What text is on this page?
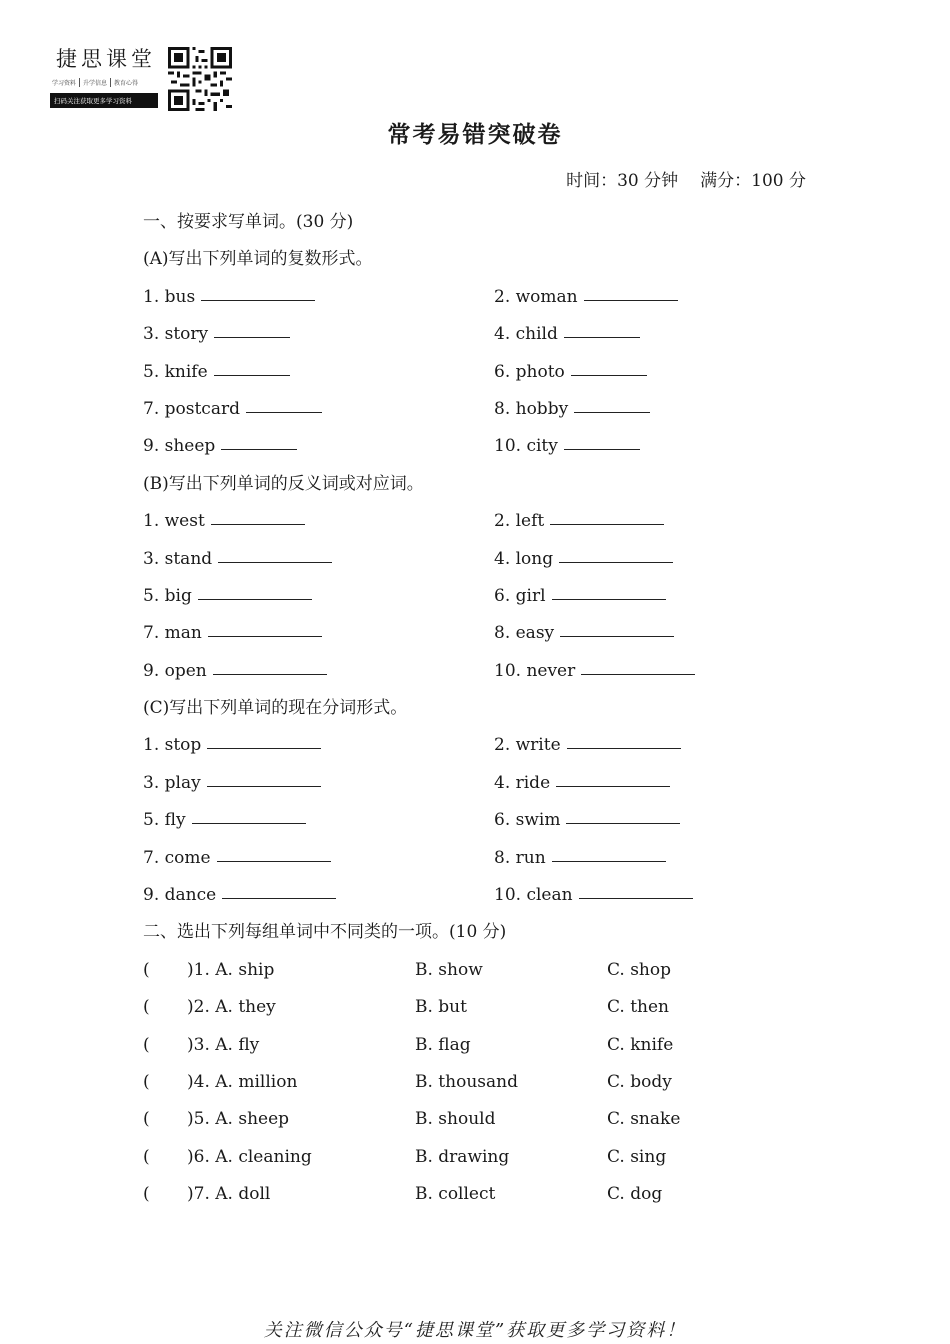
捷思课堂
学习资料	升学信息	教育心得
扫码关注获取更多学习资料
常考易错突破卷
时间：30 分钟 满分：100 分
一、按要求写单词。(30 分)
(A)写出下列单词的复数形式。
1. bus	2. woman
3. story	4. child
5. knife	6. photo
7. postcard	8. hobby
9. sheep	10. city
(B)写出下列单词的反义词或对应词。
1. west	2. left
3. stand	4. long
5. big	6. girl
7. man	8. easy
9. open	10. never
(C)写出下列单词的现在分词形式。
1. stop	2. write
3. play	4. ride
5. fly	6. swim
7. come	8. run
9. dance	10. clean
二、选出下列每组单词中不同类的一项。(10 分)
( )1. A. ship	B. show	C. shop
( )2. A. they	B. but	C. then
( )3. A. fly	B. flag	C. knife
( )4. A. million	B. thousand	C. body
( )5. A. sheep	B. should	C. snake
( )6. A. cleaning	B. drawing	C. sing
( )7. A. doll	B. collect	C. dog
关注微信公众号“捷思课堂”获取更多学习资料！
